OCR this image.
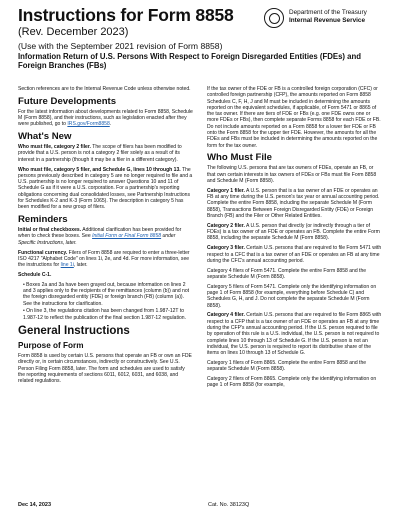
Instructions for Form 8858
(Rev. December 2023)
Department of the Treasury
Internal Revenue Service
(Use with the September 2021 revision of Form 8858)
Information Return of U.S. Persons With Respect to Foreign Disregarded Entities (FDEs) and Foreign Branches (FBs)

Section references are to the Internal Revenue Code unless otherwise noted.

Future Developments

For the latest information about developments related to Form 8858, Schedule M (Form 8858), and their instructions, such as legislation enacted after they were published, go to IRS.gov/Form8858.

What's New

Who must file, category 2 filer. The scope of filers has been modified to provide that a U.S. person is not a category 2 filer solely as a result of its interest in a partnership (though it may be a filer in a different category).

Who must file, category 5 filer, and Schedule G, lines 10 through 13. The persons previously described in category 5 are no longer required to file and a U.S. partnership is no longer required to answer Questions 10 and 11 of Schedule G as if it were a U.S. corporation. For a partnership's reporting obligations concerning dual consolidated losses, see Partnership Instructions for Schedules K-2 and K-3 (Form 1065). The description in category 5 has been modified for a new group of filers.

Reminders

Initial or final checkboxes. Additional clarification has been provided for when to check these boxes. See Initial Form or Final Form 8858 under Specific Instructions, later.

Functional currency. Filers of Form 8858 are required to enter a three-letter ISO 4217 "Alphabet Code" on lines 1i, 2e, and 4d. For more information, see the instructions for line 1i, later.

Schedule C-1.

• Boxes 2a and 3a have been grayed out, because information on lines 2 and 3 applies only to the recipients of the remittances (column (b)) and not the foreign disregarded entity (FDE) or foreign branch (FB) (column (a)). See the instructions for clarification.
• On line 3, the regulations citation has been changed from 1.987-12T to 1.987-12 to reflect the publication of the final section 1.987-12 regulation.
General Instructions
Purpose of Form

Form 8858 is used by certain U.S. persons that operate an FB or own an FDE directly or, in certain circumstances, indirectly or constructively. See U.S. Person Filing Form 8858, later. The form and schedules are used to satisfy the reporting requirements of sections 6011, 6012, 6031, and 6038, and related regulations.

If the tax owner of the FDE or FB is a controlled foreign corporation (CFC) or controlled foreign partnership (CFP), the amounts reported on Form 8858 Schedules C, F, H, J and M must be included in determining the amounts reported on the equivalent schedules, if applicable, of Form 5471 or 8865 of the tax owner. If there are tiers of FDE or FBs (e.g. one FDE owns one or more FDEs or FBs), then complete separate Forms 8858 for each FDE or FB. Do not include amounts reported on a Form 8858 for a lower tier FDE or FB onto the Form 8858 for the upper tier FDE. However, the amounts for all the FDEs and FBs must be included in determining the amounts reported on the form for the tax owner.

Who Must File

The following U.S. persons that are tax owners of FDEs, operate an FB, or that own certain interests in tax owners of FDEs or FBs must file Form 8858 and Schedule M (Form 8858).

Category 1 filer. A U.S. person that is a tax owner of an FDE or operates an FB at any time during the U.S. person's tax year or annual accounting period. Complete the entire Form 8858, including the separate Schedule M (Form 8858), Transactions Between Foreign Disregarded Entity (FDE) or Foreign Branch (FB) and the Filer or Other Related Entities.

Category 2 filer. A U.S. person that directly (or indirectly through a tier of FDEs) is a tax owner of an FDE or operates an FB. Complete the entire Form 8858, including the separate Schedule M (Form 8858).

Category 3 filer. Certain U.S. persons that are required to file Form 5471 with respect to a CFC that is a tax owner of an FDE or operates an FB at any time during the CFC's annual accounting period.

Category 4 filers of Form 5471. Complete the entire Form 8858 and the separate Schedule M (Form 8858).

Category 5 filers of Form 5471. Complete only the identifying information on page 1 of Form 8858 (for example, everything before Schedule C) and Schedules G, H, and J. Do not complete the separate Schedule M (Form 8858).

Category 4 filer. Certain U.S. persons that are required to file Form 8865 with respect to a CFP that is a tax owner of an FDE or operates an FB at any time during the CFP's annual accounting period. If the U.S. person required to file by operation of this rule is a U.S. individual, the U.S. person is not required to complete lines 10 through 13 of Schedule G. If the U.S. person is not an individual, the U.S. person is required to report its distributive share of the items on lines 10 through 13 of Schedule G.

Category 1 filers of Form 8865. Complete the entire Form 8858 and the separate Schedule M (Form 8858).

Category 2 filers of Form 8865. Complete only the identifying information on page 1 of Form 8858 (for example,

Dec 14, 2023	Cat. No. 38123Q
